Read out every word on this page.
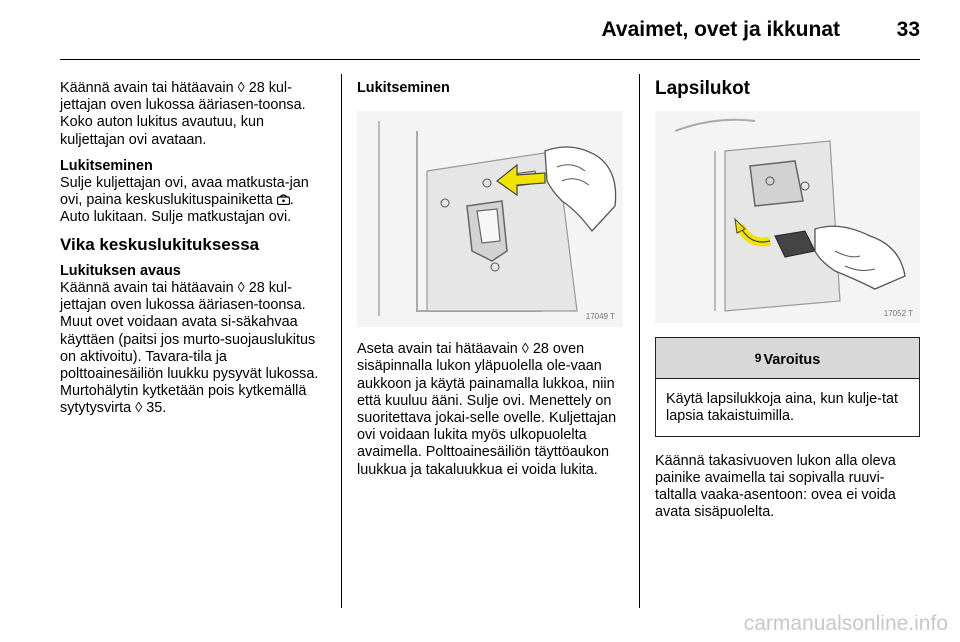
Avaimet, ovet ja ikkunat	33

Käännä avain tai hätäavain ◊ 28 kul-jettajan oven lukossa ääriasen-toonsa. Koko auton lukitus avautuu, kun kuljettajan ovi avataan.

Lukitseminen

Sulje kuljettajan ovi, avaa matkusta-jan ovi, paina keskuslukituspainiketta . Auto lukitaan. Sulje matkustajan ovi.

Vika keskuslukituksessa
Lukituksen avaus

Käännä avain tai hätäavain ◊ 28 kul-jettajan oven lukossa ääriasen-toonsa. Muut ovet voidaan avata si-säkahvaa käyttäen (paitsi jos murto-suojauslukitus on aktivoitu). Tavara-tila ja polttoainesäiliön luukku pysyvät lukossa. Murtohälytin kytketään pois kytkemällä sytytysvirta ◊ 35.

Lukitseminen
17049 T

Aseta avain tai hätäavain ◊ 28 oven sisäpinnalla lukon yläpuolella ole-vaan aukkoon ja käytä painamalla lukkoa, niin että kuuluu ääni. Sulje ovi. Menettely on suoritettava jokai-selle ovelle. Kuljettajan ovi voidaan lukita myös ulkopuolelta avaimella. Polttoainesäiliön täyttöaukon luukkua ja takaluukkua ei voida lukita.

Lapsilukot
17052 T
9 Varoitus
Käytä lapsilukkoja aina, kun kulje-tat lapsia takaistuimilla.

Käännä takasivuoven lukon alla oleva painike avaimella tai sopivalla ruuvi-taltalla vaaka-asentoon: ovea ei voida avata sisäpuolelta.

carmanualsonline.info
